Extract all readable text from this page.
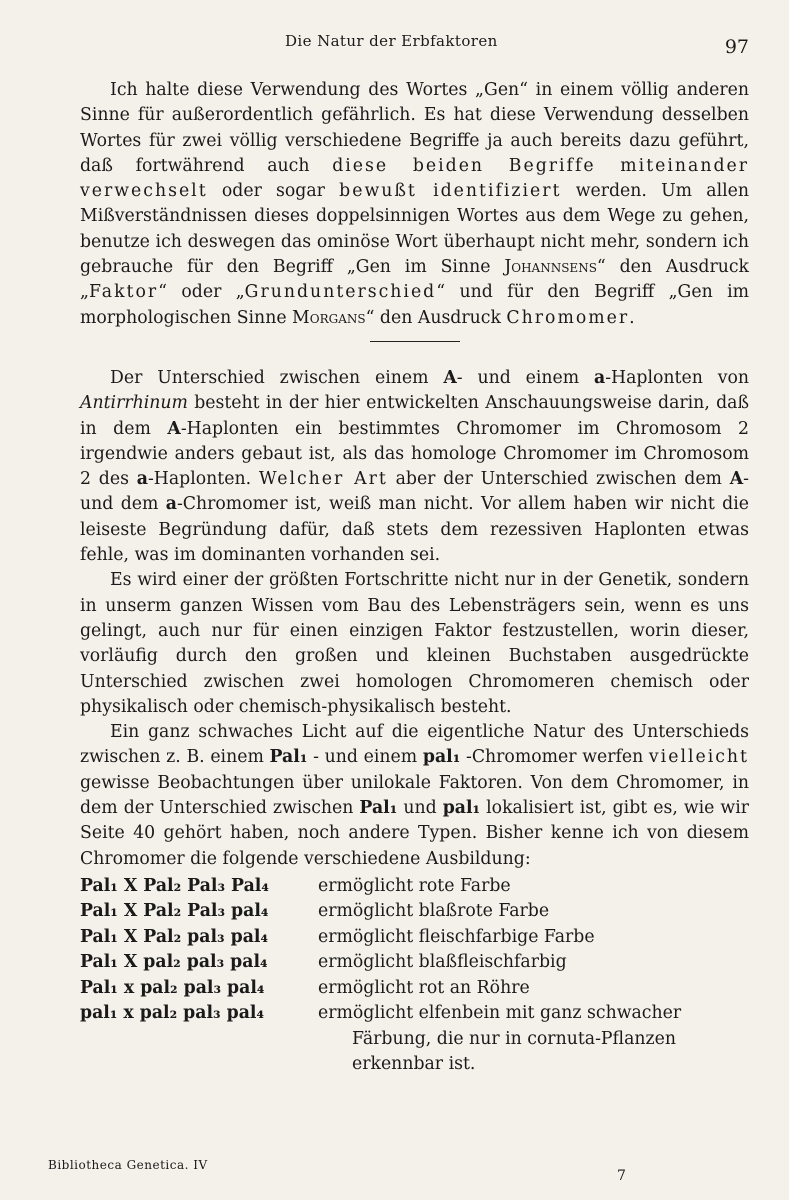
Die Natur der Erbfaktoren	97

Ich halte diese Verwendung des Wortes „Gen“ in einem völlig anderen Sinne für außerordentlich gefährlich. Es hat diese Verwendung desselben Wortes für zwei völlig verschiedene Begriffe ja auch bereits dazu geführt, daß fortwährend auch diese beiden Begriffe miteinander verwechselt oder sogar bewußt identifiziert werden. Um allen Mißverständnissen dieses doppelsinnigen Wortes aus dem Wege zu gehen, benutze ich deswegen das ominöse Wort überhaupt nicht mehr, sondern ich gebrauche für den Begriff „Gen im Sinne Johannsens“ den Ausdruck „Faktor“ oder „Grundunterschied“ und für den Begriff „Gen im morphologischen Sinne Morgans“ den Ausdruck Chromomer.

Der Unterschied zwischen einem A- und einem a-Haplonten von Antirrhinum besteht in der hier entwickelten Anschauungsweise darin, daß in dem A-Haplonten ein bestimmtes Chromomer im Chromosom 2 irgendwie anders gebaut ist, als das homologe Chromomer im Chromosom 2 des a-Haplonten. Welcher Art aber der Unterschied zwischen dem A-und dem a-Chromomer ist, weiß man nicht. Vor allem haben wir nicht die leiseste Begründung dafür, daß stets dem rezessiven Haplonten etwas fehle, was im dominanten vorhanden sei.

Es wird einer der größten Fortschritte nicht nur in der Genetik, sondern in unserm ganzen Wissen vom Bau des Lebensträgers sein, wenn es uns gelingt, auch nur für einen einzigen Faktor festzustellen, worin dieser, vorläufig durch den großen und kleinen Buchstaben ausgedrückte Unterschied zwischen zwei homologen Chromomeren chemisch oder physikalisch oder chemisch-physikalisch besteht.

Ein ganz schwaches Licht auf die eigentliche Natur des Unterschieds zwischen z. B. einem Pal₁ - und einem pal₁ -Chromomer werfen vielleicht gewisse Beobachtungen über unilokale Faktoren. Von dem Chromomer, in dem der Unterschied zwischen Pal₁ und pal₁ lokalisiert ist, gibt es, wie wir Seite 40 gehört haben, noch andere Typen. Bisher kenne ich von diesem Chromomer die folgende verschiedene Ausbildung:

Pal₁ X Pal₂ Pal₃ Pal₄	ermöglicht rote Farbe
Pal₁ X Pal₂ Pal₃ pal₄	ermöglicht blaßrote Farbe
Pal₁ X Pal₂ pal₃ pal₄	ermöglicht fleischfarbige Farbe
Pal₁ X pal₂ pal₃ pal₄	ermöglicht blaßfleischfarbig
Pal₁ x pal₂ pal₃ pal₄	ermöglicht rot an Röhre
pal₁ x pal₂ pal₃ pal₄	ermöglicht elfenbein mit ganz schwacher
Färbung, die nur in cornuta-Pflanzen
erkennbar ist.
Bibliotheca Genetica. IV
7
